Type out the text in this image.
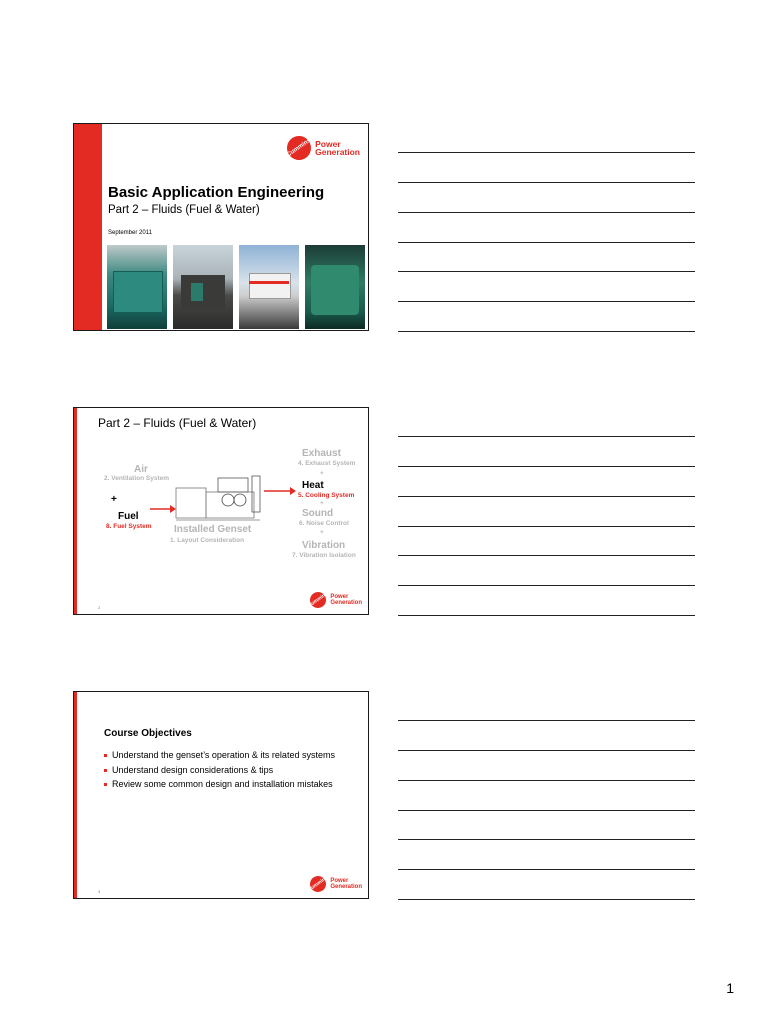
Cummins Power
Generation
Basic Application Engineering
Part 2 – Fluids (Fuel & Water)
September 2011
Part 2 – Fluids (Fuel & Water)
Air
2. Ventilation System
+
Fuel
8. Fuel System Installed Genset
1. Layout Consideration
Exhaust
4. Exhaust System
+
Heat
5. Cooling System
+
Sound
6. Noise Control
+
Vibration
7. Vibration Isolation
2	Cummins Power
Generation
Course Objectives
Understand the genset’s operation & its related systems
Understand design considerations & tips
Review some common design and installation mistakes
3	Cummins Power
Generation
1
